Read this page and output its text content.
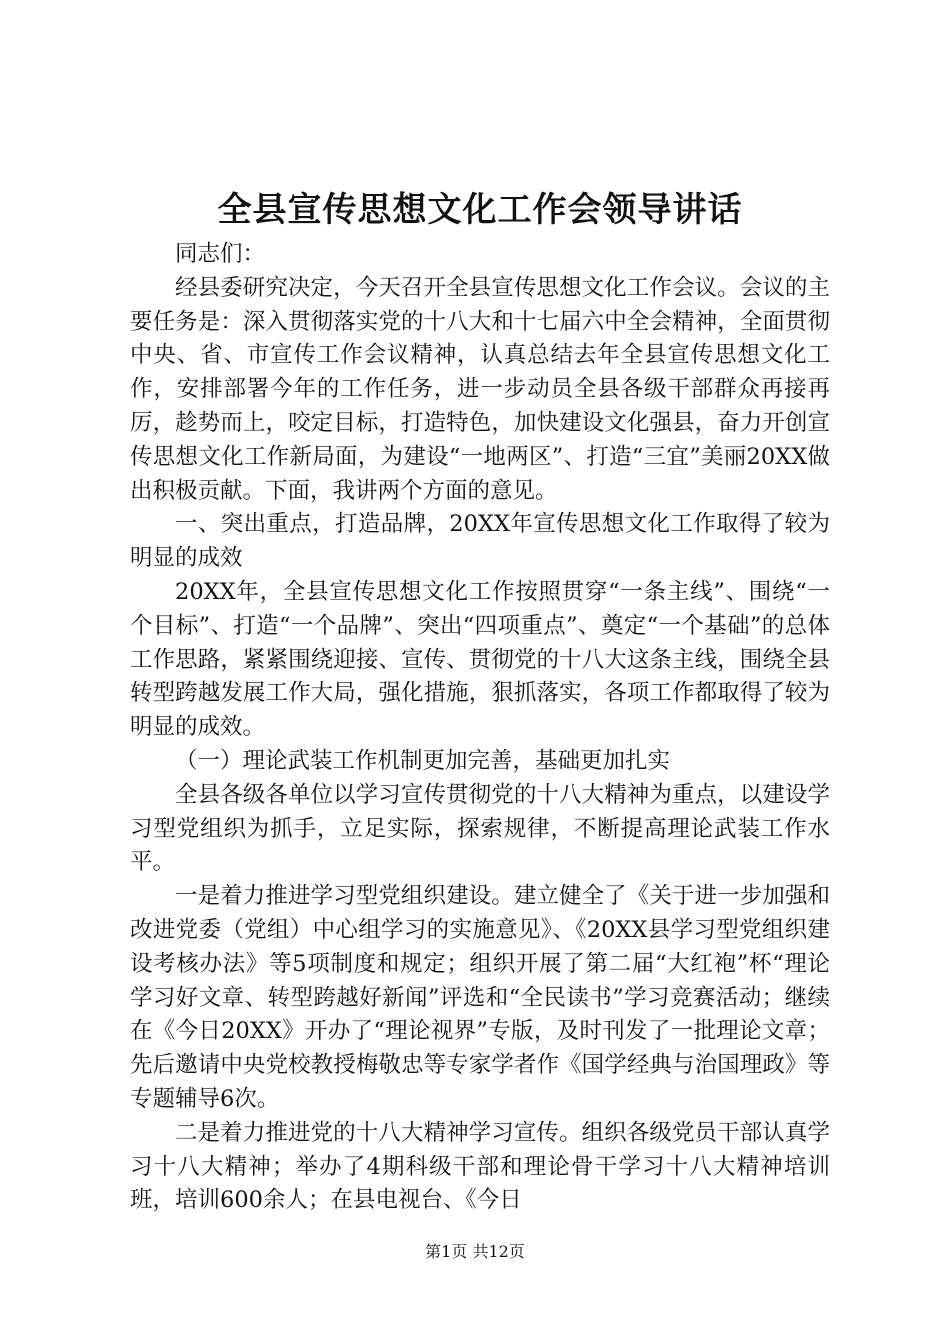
全县宣传思想文化工作会领导讲话

同志们：

经县委研究决定，今天召开全县宣传思想文化工作会议。会议的主要任务是：深入贯彻落实党的十八大和十七届六中全会精神，全面贯彻中央、省、市宣传工作会议精神，认真总结去年全县宣传思想文化工作，安排部署今年的工作任务，进一步动员全县各级干部群众再接再厉，趁势而上，咬定目标，打造特色，加快建设文化强县，奋力开创宣传思想文化工作新局面，为建设“一地两区”、打造“三宜”美丽20XX做出积极贡献。下面，我讲两个方面的意见。

一、突出重点，打造品牌，20XX年宣传思想文化工作取得了较为明显的成效

20XX年，全县宣传思想文化工作按照贯穿“一条主线”、围绕“一个目标”、打造“一个品牌”、突出“四项重点”、奠定“一个基础”的总体工作思路，紧紧围绕迎接、宣传、贯彻党的十八大这条主线，围绕全县转型跨越发展工作大局，强化措施，狠抓落实，各项工作都取得了较为明显的成效。

（一）理论武装工作机制更加完善，基础更加扎实

全县各级各单位以学习宣传贯彻党的十八大精神为重点，以建设学习型党组织为抓手，立足实际，探索规律，不断提高理论武装工作水平。

一是着力推进学习型党组织建设。建立健全了《关于进一步加强和改进党委（党组）中心组学习的实施意见》、《20XX县学习型党组织建设考核办法》等5项制度和规定；组织开展了第二届“大红袍”杯“理论学习好文章、转型跨越好新闻”评选和“全民读书”学习竞赛活动；继续在《今日20XX》开办了“理论视界”专版，及时刊发了一批理论文章；先后邀请中央党校教授梅敬忠等专家学者作《国学经典与治国理政》等专题辅导6次。

二是着力推进党的十八大精神学习宣传。组织各级党员干部认真学习十八大精神；举办了4期科级干部和理论骨干学习十八大精神培训班，培训600余人；在县电视台、《今日

第1页 共12页
